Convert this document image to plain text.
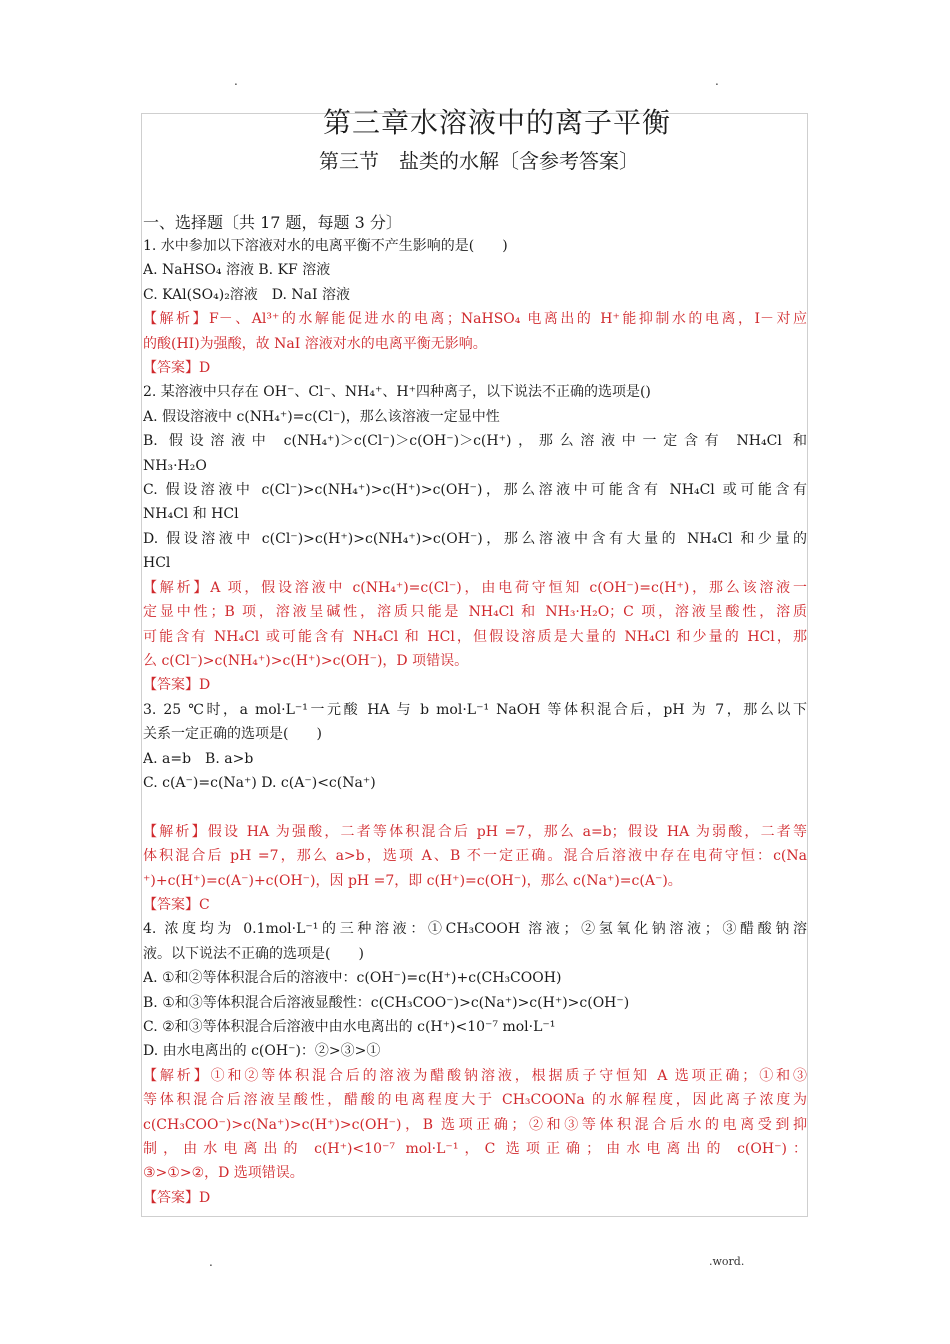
.	.
第三章水溶液中的离子平衡
第三节　盐类的水解〔含参考答案〕
一、选择题〔共 17 题，每题 3 分〕
1. 水中参加以下溶液对水的电离平衡不产生影响的是(　　)
A. NaHSO₄ 溶液 B. KF 溶液
C. KAl(SO₄)₂溶液　D. NaI 溶液
【解析】F－、Al³⁺的水解能促进水的电离；NaHSO₄ 电离出的 H⁺能抑制水的电离，I－对应
的酸(HI)为强酸，故 NaI 溶液对水的电离平衡无影响。
【答案】D
2. 某溶液中只存在 OH⁻、Cl⁻、NH₄⁺、H⁺四种离子，以下说法不正确的选项是()
A. 假设溶液中 c(NH₄⁺)=c(Cl⁻)，那么该溶液一定显中性
B. 假设溶液中 c(NH₄⁺)＞c(Cl⁻)＞c(OH⁻)＞c(H⁺)，那么溶液中一定含有 NH₄Cl 和
NH₃·H₂O
C. 假设溶液中 c(Cl⁻)>c(NH₄⁺)>c(H⁺)>c(OH⁻)，那么溶液中可能含有 NH₄Cl 或可能含有
NH₄Cl 和 HCl
D. 假设溶液中 c(Cl⁻)>c(H⁺)>c(NH₄⁺)>c(OH⁻)，那么溶液中含有大量的 NH₄Cl 和少量的
HCl
【解析】A 项，假设溶液中 c(NH₄⁺)=c(Cl⁻)，由电荷守恒知 c(OH⁻)=c(H⁺)，那么该溶液一
定显中性；B 项，溶液呈碱性，溶质只能是 NH₄Cl 和 NH₃·H₂O；C 项，溶液呈酸性，溶质
可能含有 NH₄Cl 或可能含有 NH₄Cl 和 HCl，但假设溶质是大量的 NH₄Cl 和少量的 HCl，那
么 c(Cl⁻)>c(NH₄⁺)>c(H⁺)>c(OH⁻)，D 项错误。
【答案】D
3. 25 ℃时，a mol·L⁻¹一元酸 HA 与 b mol·L⁻¹ NaOH 等体积混合后，pH 为 7，那么以下
关系一定正确的选项是(　　)
A. a=b　B. a>b
C. c(A⁻)=c(Na⁺) D. c(A⁻)<c(Na⁺)
【解析】假设 HA 为强酸，二者等体积混合后 pH =7，那么 a=b；假设 HA 为弱酸，二者等
体积混合后 pH =7，那么 a>b，选项 A、B 不一定正确。混合后溶液中存在电荷守恒：c(Na
⁺)+c(H⁺)=c(A⁻)+c(OH⁻)，因 pH =7，即 c(H⁺)=c(OH⁻)，那么 c(Na⁺)=c(A⁻)。
【答案】C
4. 浓度均为 0.1mol·L⁻¹的三种溶液：①CH₃COOH 溶液；②氢氧化钠溶液；③醋酸钠溶
液。以下说法不正确的选项是(　　)
A. ①和②等体积混合后的溶液中：c(OH⁻)=c(H⁺)+c(CH₃COOH)
B. ①和③等体积混合后溶液显酸性：c(CH₃COO⁻)>c(Na⁺)>c(H⁺)>c(OH⁻)
C. ②和③等体积混合后溶液中由水电离出的 c(H⁺)<10⁻⁷ mol·L⁻¹
D. 由水电离出的 c(OH⁻)：②>③>①
【解析】①和②等体积混合后的溶液为醋酸钠溶液，根据质子守恒知 A 选项正确；①和③
等体积混合后溶液呈酸性，醋酸的电离程度大于 CH₃COONa 的水解程度，因此离子浓度为
c(CH₃COO⁻)>c(Na⁺)>c(H⁺)>c(OH⁻)，B 选项正确；②和③等体积混合后水的电离受到抑
制，由水电离出的 c(H⁺)<10⁻⁷ mol·L⁻¹，C 选项正确；由水电离出的 c(OH⁻)：
③>①>②，D 选项错误。
【答案】D
.	.word.
